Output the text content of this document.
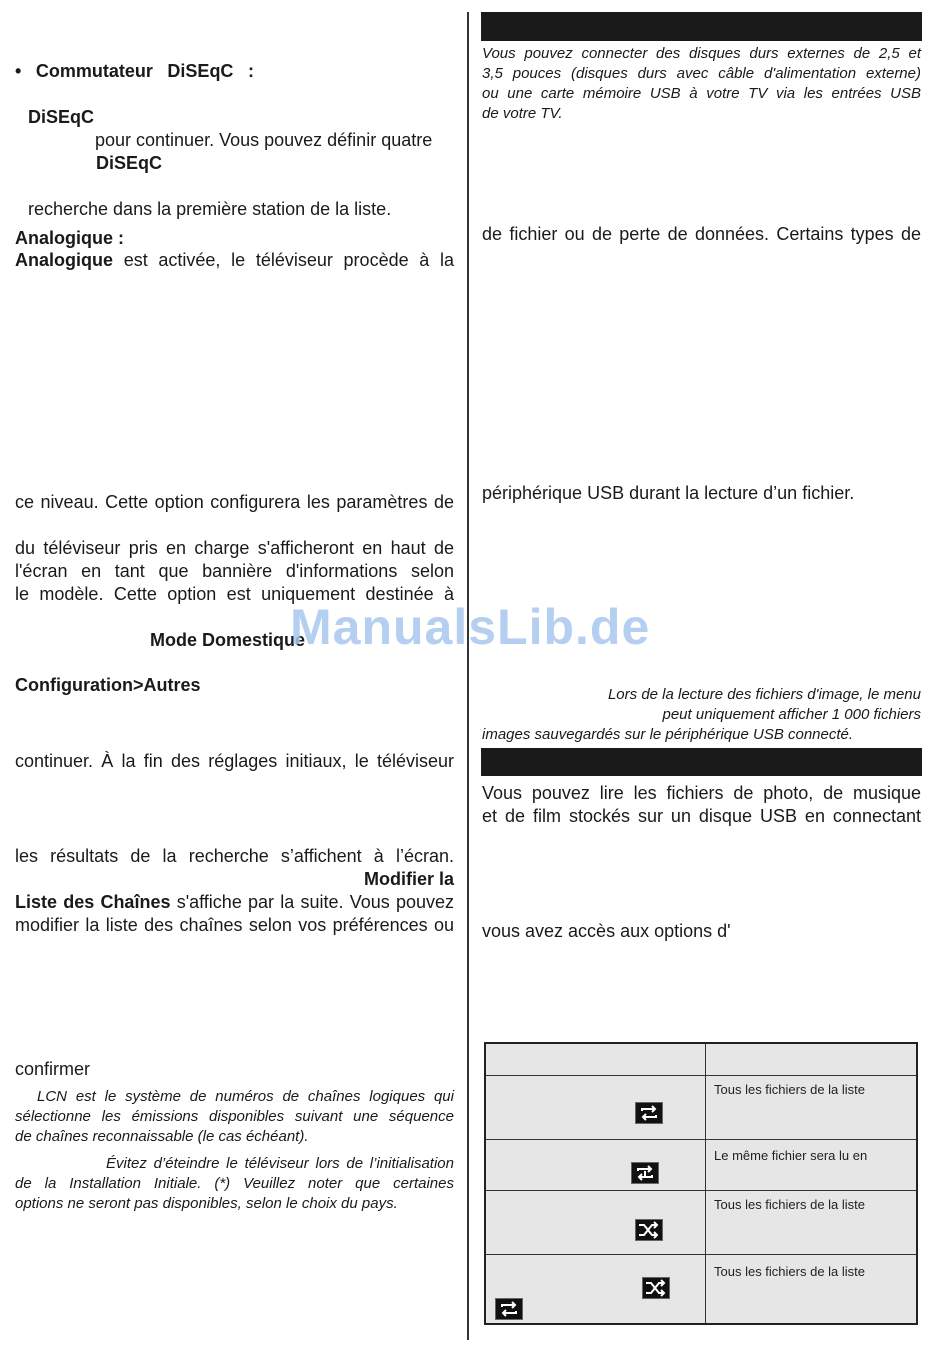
• Commutateur DiSEqC :
DiSEqC
pour continuer. Vous pouvez définir quatre
DiSEqC
recherche dans la première station de la liste.
Analogique :
Analogique est activée, le téléviseur procède à la
ce niveau. Cette option configurera les paramètres de
du téléviseur pris en charge s'afficheront en haut de
l'écran en tant que bannière d'informations selon
le modèle. Cette option est uniquement destinée à
Mode Domestique
Configuration>Autres
continuer. À la fin des réglages initiaux, le téléviseur
les résultats de la recherche s’affichent à l’écran.
Modifier la
Liste des Chaînes s'affiche par la suite. Vous pouvez
modifier la liste des chaînes selon vos préférences ou
confirmer
LCN est le système de numéros de chaînes logiques qui
sélectionne les émissions disponibles suivant une séquence
de chaînes reconnaissable (le cas échéant).
Évitez d’éteindre le téléviseur lors de l’initialisation
de la Installation Initiale. (*) Veuillez noter que certaines
options ne seront pas disponibles, selon le choix du pays.
Vous pouvez connecter des disques durs externes de 2,5 et
3,5 pouces (disques durs avec câble d'alimentation externe)
ou une carte mémoire USB à votre TV via les entrées USB
de votre TV.
de fichier ou de perte de données. Certains types de
périphérique USB durant la lecture d’un fichier.
Lors de la lecture des fichiers d'image, le menu
peut uniquement afficher 1 000 fichiers
images sauvegardés sur le périphérique USB connecté.
Vous pouvez lire les fichiers de photo, de musique
et de film stockés sur un disque USB en connectant
vous avez accès aux options d'
Tous les fichiers de la liste
Le même fichier sera lu en
Tous les fichiers de la liste
Tous les fichiers de la liste
ManualsLib.de
